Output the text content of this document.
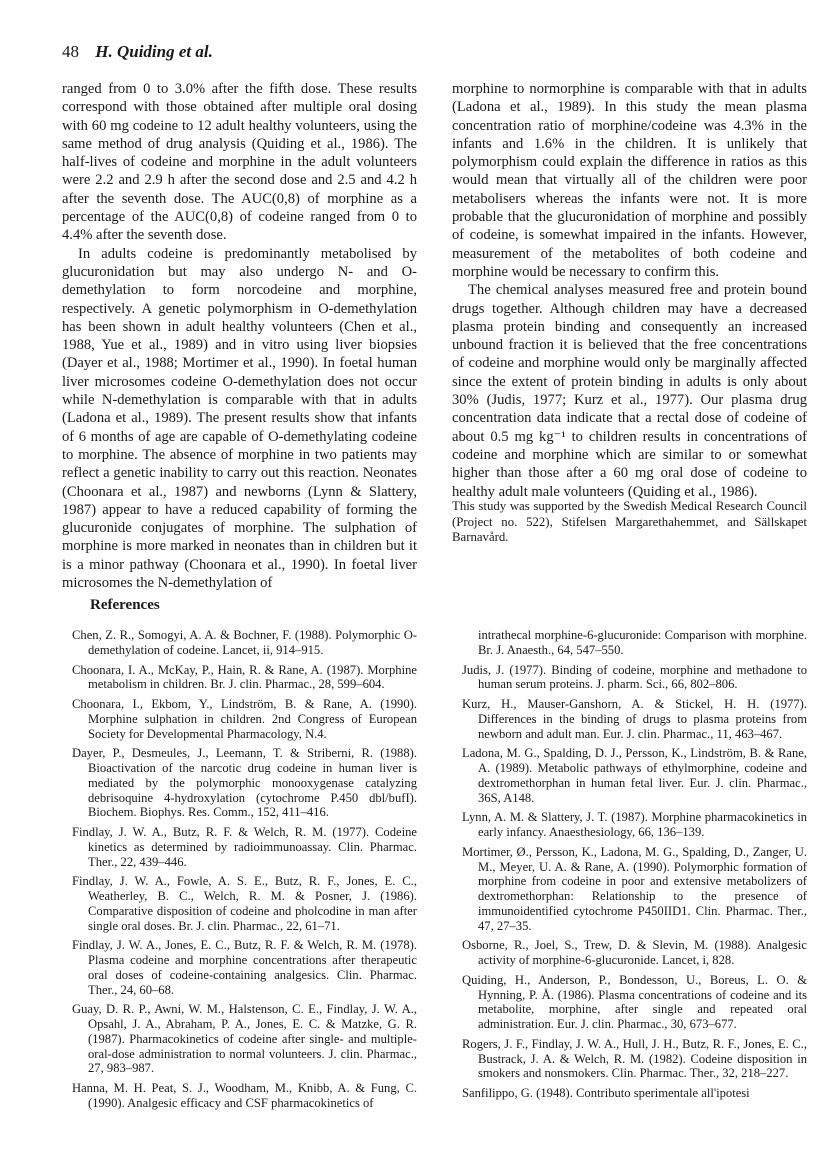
48 H. Quiding et al.

ranged from 0 to 3.0% after the fifth dose. These results correspond with those obtained after multiple oral dosing with 60 mg codeine to 12 adult healthy volunteers, using the same method of drug analysis (Quiding et al., 1986). The half-lives of codeine and morphine in the adult volunteers were 2.2 and 2.9 h after the second dose and 2.5 and 4.2 h after the seventh dose. The AUC(0,8) of morphine as a percentage of the AUC(0,8) of codeine ranged from 0 to 4.4% after the seventh dose.

In adults codeine is predominantly metabolised by glucuronidation but may also undergo N- and O-demethylation to form norcodeine and morphine, respectively. A genetic polymorphism in O-demethylation has been shown in adult healthy volunteers (Chen et al., 1988, Yue et al., 1989) and in vitro using liver biopsies (Dayer et al., 1988; Mortimer et al., 1990). In foetal human liver microsomes codeine O-demethylation does not occur while N-demethylation is comparable with that in adults (Ladona et al., 1989). The present results show that infants of 6 months of age are capable of O-demethylating codeine to morphine. The absence of morphine in two patients may reflect a genetic inability to carry out this reaction. Neonates (Choonara et al., 1987) and newborns (Lynn & Slattery, 1987) appear to have a reduced capability of forming the glucuronide conjugates of morphine. The sulphation of morphine is more marked in neonates than in children but it is a minor pathway (Choonara et al., 1990). In foetal liver microsomes the N-demethylation of

morphine to normorphine is comparable with that in adults (Ladona et al., 1989). In this study the mean plasma concentration ratio of morphine/codeine was 4.3% in the infants and 1.6% in the children. It is unlikely that polymorphism could explain the difference in ratios as this would mean that virtually all of the children were poor metabolisers whereas the infants were not. It is more probable that the glucuronidation of morphine and possibly of codeine, is somewhat impaired in the infants. However, measurement of the metabolites of both codeine and morphine would be necessary to confirm this.

The chemical analyses measured free and protein bound drugs together. Although children may have a decreased plasma protein binding and consequently an increased unbound fraction it is believed that the free concentrations of codeine and morphine would only be marginally affected since the extent of protein binding in adults is only about 30% (Judis, 1977; Kurz et al., 1977). Our plasma drug concentration data indicate that a rectal dose of codeine of about 0.5 mg kg⁻¹ to children results in concentrations of codeine and morphine which are similar to or somewhat higher than those after a 60 mg oral dose of codeine to healthy adult male volunteers (Quiding et al., 1986).

This study was supported by the Swedish Medical Research Council (Project no. 522), Stifelsen Margarethahemmet, and Sällskapet Barnavård.
References
Chen, Z. R., Somogyi, A. A. & Bochner, F. (1988). Polymorphic O-demethylation of codeine. Lancet, ii, 914–915.
Choonara, I. A., McKay, P., Hain, R. & Rane, A. (1987). Morphine metabolism in children. Br. J. clin. Pharmac., 28, 599–604.
Choonara, I., Ekbom, Y., Lindström, B. & Rane, A. (1990). Morphine sulphation in children. 2nd Congress of European Society for Developmental Pharmacology, N.4.
Dayer, P., Desmeules, J., Leemann, T. & Striberni, R. (1988). Bioactivation of the narcotic drug codeine in human liver is mediated by the polymorphic monooxygenase catalyzing debrisoquine 4-hydroxylation (cytochrome P.450 dbl/bufI). Biochem. Biophys. Res. Comm., 152, 411–416.
Findlay, J. W. A., Butz, R. F. & Welch, R. M. (1977). Codeine kinetics as determined by radioimmunoassay. Clin. Pharmac. Ther., 22, 439–446.
Findlay, J. W. A., Fowle, A. S. E., Butz, R. F., Jones, E. C., Weatherley, B. C., Welch, R. M. & Posner, J. (1986). Comparative disposition of codeine and pholcodine in man after single oral doses. Br. J. clin. Pharmac., 22, 61–71.
Findlay, J. W. A., Jones, E. C., Butz, R. F. & Welch, R. M. (1978). Plasma codeine and morphine concentrations after therapeutic oral doses of codeine-containing analgesics. Clin. Pharmac. Ther., 24, 60–68.
Guay, D. R. P., Awni, W. M., Halstenson, C. E., Findlay, J. W. A., Opsahl, J. A., Abraham, P. A., Jones, E. C. & Matzke, G. R. (1987). Pharmacokinetics of codeine after single- and multiple-oral-dose administration to normal volunteers. J. clin. Pharmac., 27, 983–987.
Hanna, M. H. Peat, S. J., Woodham, M., Knibb, A. & Fung, C. (1990). Analgesic efficacy and CSF pharmacokinetics of
intrathecal morphine-6-glucuronide: Comparison with morphine. Br. J. Anaesth., 64, 547–550.
Judis, J. (1977). Binding of codeine, morphine and methadone to human serum proteins. J. pharm. Sci., 66, 802–806.
Kurz, H., Mauser-Ganshorn, A. & Stickel, H. H. (1977). Differences in the binding of drugs to plasma proteins from newborn and adult man. Eur. J. clin. Pharmac., 11, 463–467.
Ladona, M. G., Spalding, D. J., Persson, K., Lindström, B. & Rane, A. (1989). Metabolic pathways of ethylmorphine, codeine and dextromethorphan in human fetal liver. Eur. J. clin. Pharmac., 36S, A148.
Lynn, A. M. & Slattery, J. T. (1987). Morphine pharmacokinetics in early infancy. Anaesthesiology, 66, 136–139.
Mortimer, Ø., Persson, K., Ladona, M. G., Spalding, D., Zanger, U. M., Meyer, U. A. & Rane, A. (1990). Polymorphic formation of morphine from codeine in poor and extensive metabolizers of dextromethorphan: Relationship to the presence of immunoidentified cytochrome P450IID1. Clin. Pharmac. Ther., 47, 27–35.
Osborne, R., Joel, S., Trew, D. & Slevin, M. (1988). Analgesic activity of morphine-6-glucuronide. Lancet, i, 828.
Quiding, H., Anderson, P., Bondesson, U., Boreus, L. O. & Hynning, P. Å. (1986). Plasma concentrations of codeine and its metabolite, morphine, after single and repeated oral administration. Eur. J. clin. Pharmac., 30, 673–677.
Rogers, J. F., Findlay, J. W. A., Hull, J. H., Butz, R. F., Jones, E. C., Bustrack, J. A. & Welch, R. M. (1982). Codeine disposition in smokers and nonsmokers. Clin. Pharmac. Ther., 32, 218–227.
Sanfilippo, G. (1948). Contributo sperimentale all'ipotesi
